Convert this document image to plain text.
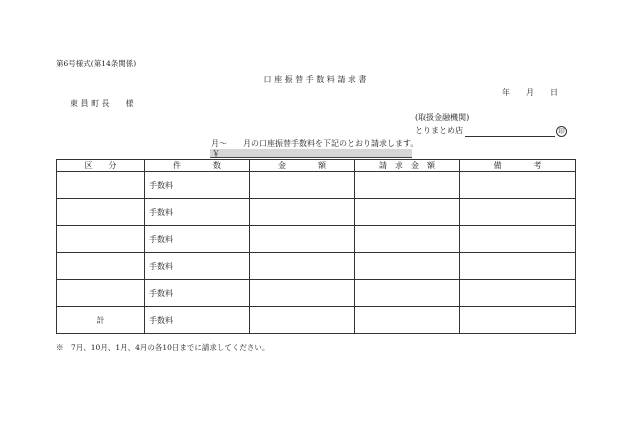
第6号様式(第14条関係)
口 座 振 替 手 数 料 請 求 書
年　　月　　日
東 員 町 長　　様
(取扱金融機関)
とりまとめ店	印
月～　　月の口座振替手数料を下記のとおり請求します。
￥
区　　分	件　　　　数	金　　　　額	請　求　金　額	備　　　　考
	手数料			
	手数料			
	手数料			
	手数料			
	手数料			
計	手数料			
※　7月、10月、1月、4月の各10日までに請求してください。
